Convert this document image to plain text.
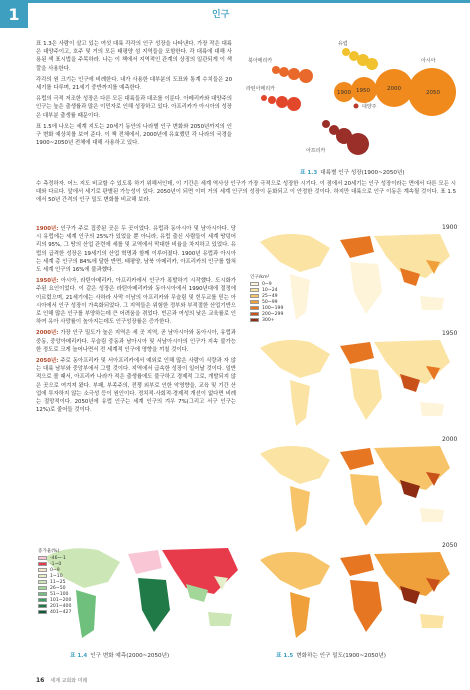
1	인구

표 1.3은 사람이 살고 있는 여섯 대륙 각각의 인구 성장을 나타낸다. 가장 작은 대륙은 대양주이고, 호주 및 거의 모든 태평양 섬 지역들을 포함한다. 각 대륙에 대해 사용된 색 표시법을 주목하라. 나는 이 책에서 지역적인 관계의 상징의 일관되게 이 색깔을 사용한다.

각각의 원 크기는 인구에 비례한다. 내가 사용한 대부분의 도표와 통계 수치들은 20세기를 다루며, 21세기 중반까지를 예측한다.

유럽의 극적 저조한 성장은 다른 모든 대륙들과 대조를 이룬다. 아메리카와 대양주의 인구는 높은 출생률과 많은 이민자로 인해 성장하고 있다. 아프리카가 아시아의 성장은 대부분 출생률 때문이다.

표 1.5에 나오는 세계 지도는 20세기 동안의 나라별 인구 변화와 2050년까지의 인구 변화 예상치를 보여 준다. 이 책 전체에서, 2000년에 유효했던 각 나라의 국경을 1900~2050년 전체에 대해 사용하고 있다.

유럽
북아메리카
라틴아메리카
대양주
아프리카
아시아
1900 1950	2000
2050
표 1.3 대륙별 인구 성장(1900~2050년)

수 측정하자. 어느 지도 비교할 수 있도록 하기 위해서인데, 이 기간은 세계 역사상 인구가 가장 극적으로 성장한 시기다. 이 점에서 20세기는 인구 성장이라는 면에서 다른 모든 시대와 다르다. 앞에서 세기로 판별된 가능성이 있다. 2050년이 되면 이미 거의 세계 인구의 성장이 둔화되고 이 안정한 것이다. 하지만 대륙으로 인구 이동은 계속될 것이다. 표 1.5에서 50년 간격의 인구 밀도 변화를 비교해 보라.

1900년: 인구가 주로 집중된 곳은 두 곳이었다. 유럽과 동아시아 및 남아시아다. 당시 유럽에는 세계 인구의 25%가 있었을 뿐 아니라, 유럽 출신 사람들이 세계 땅덩어리의 95%, 그 땅의 산업 관련에 세를 및 교역에서 막대한 비율을 차지하고 있었다. 유럽의 급격한 성장은 19세기의 산업 혁명과 함께 이루어졌다. 1900년 유럽과 아시아는 세계 총 인구의 84%에 달한 반면, 태평양, 남북 아메리카, 아프리카의 인구를 합쳐도 세계 인구의 16%에 불과했다.

1950년: 아시아, 라틴아메리카, 아프리카에서 인구가 폭발하기 시작했다. 도시화가 주된 요인이었다. 이 같은 성장은 라틴아메리카와 동아시아에서 1990년대에 절정에 이르렀으며, 21세기에는 사하라 사막 이남의 아프리카와 무슬림 및 힌두교를 믿는 아시아에서 인구 성장이 가속화되었다. 그 지역들은 위험한 정부와 부적절한 산업기반으로 인해 많은 인구를 부양하는데 큰 어려움을 겪었다. 빈곤과 여성의 낮은 교육률로 인하여 유아 사망률이 높아지는데도 인구성장률은 증가한다.

2000년: 가장 인구 밀도가 높은 지역은 세 곳 지역, 곧 남아시아와 동아시아, 유럽과 중동, 중앙아메리카다. 무슬림 중동과 남아시아 및 서남아시아의 인구가 지속 불가능한 정도로 크게 늘어나면서 전 세계적 인구에 영향을 끼칠 것이다.

2050년: 주로 동아프리카 및 서아프리카에서 예외로 인해 많은 사람이 식량과 자 않는 대륙 남부와 중앙부에서 그럴 것이다. 지역에서 급속한 성장이 일어날 것이다. 일반적으로 볼 때서, 아프리카 나라가 적은 출생률에도 불구하고 경제적 그로, 개발되지 않은 곳으로 여겨져 왔다. 부패, 부족주의, 전쟁 외부로 인한 악영향을, 교육 및 기간 산업에 투자하지 않는 소극성 등이 원인이다. 정치적·사회적·경제적 개선이 없다면 비례는 절망적이다. 2050년에 유럽 인구는 세계 인구의 겨우 7%(그리고 서구 인구는 12%)로 줄어들 것이다.

1900
인구/km²
0~9
10~24
25~49
50~99
100~199
200~299
300+
1950
2000
2050
증가율(%)
-46~-1
-1~0
0~9
1~10
11~25
26~50
51~100
101~200
201~400
401~427
표 1.4 인구 변화 예측(2000~2050년)	표 1.5 변화하는 인구 밀도(1900~2050년)
16 세계 교회와 미래
